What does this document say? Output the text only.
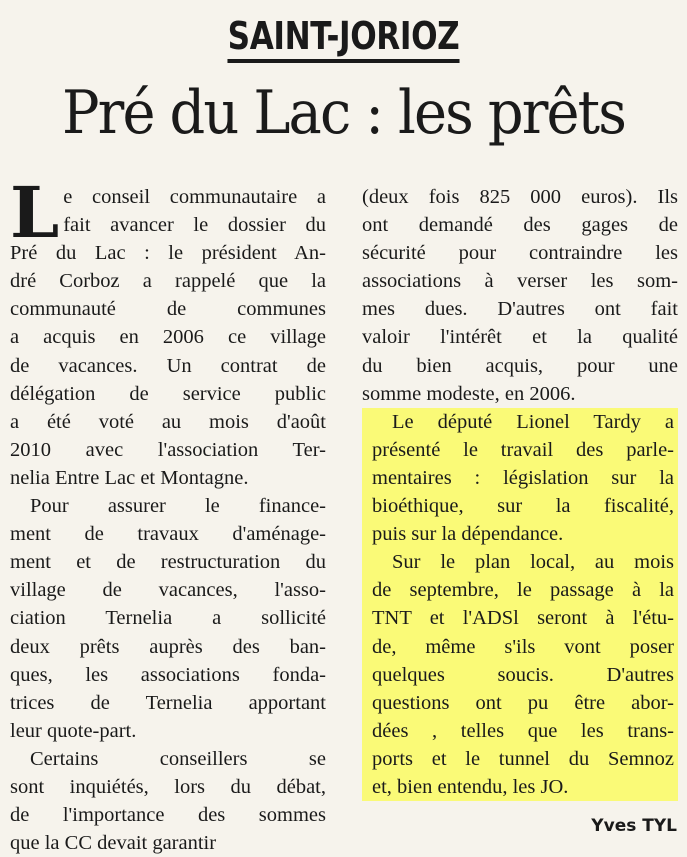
SAINT-JORIOZ
Pré du Lac : les prêts

L e conseil communautaire a
fait avancer le dossier du
Pré du Lac : le président An-
dré Corboz a rappelé que la
communauté de communes
a acquis en 2006 ce village
de vacances. Un contrat de
délégation de service public
a été voté au mois d'août
2010 avec l'association Ter-
nelia Entre Lac et Montagne.

Pour assurer le finance-
ment de travaux d'aménage-
ment et de restructuration du
village de vacances, l'asso-
ciation Ternelia a sollicité
deux prêts auprès des ban-
ques, les associations fonda-
trices de Ternelia apportant
leur quote-part.

Certains conseillers se
sont inquiétés, lors du débat,
de l'importance des sommes
que la CC devait garantir

(deux fois 825 000 euros). Ils
ont demandé des gages de
sécurité pour contraindre les
associations à verser les som-
mes dues. D'autres ont fait
valoir l'intérêt et la qualité
du bien acquis, pour une
somme modeste, en 2006.

Le député Lionel Tardy a
présenté le travail des parle-
mentaires : législation sur la
bioéthique, sur la fiscalité,
puis sur la dépendance.

Sur le plan local, au mois
de septembre, le passage à la
TNT et l'ADSl seront à l'étu-
de, même s'ils vont poser
quelques soucis. D'autres
questions ont pu être abor-
dées , telles que les trans-
ports et le tunnel du Semnoz
et, bien entendu, les JO.

Yves TYL
